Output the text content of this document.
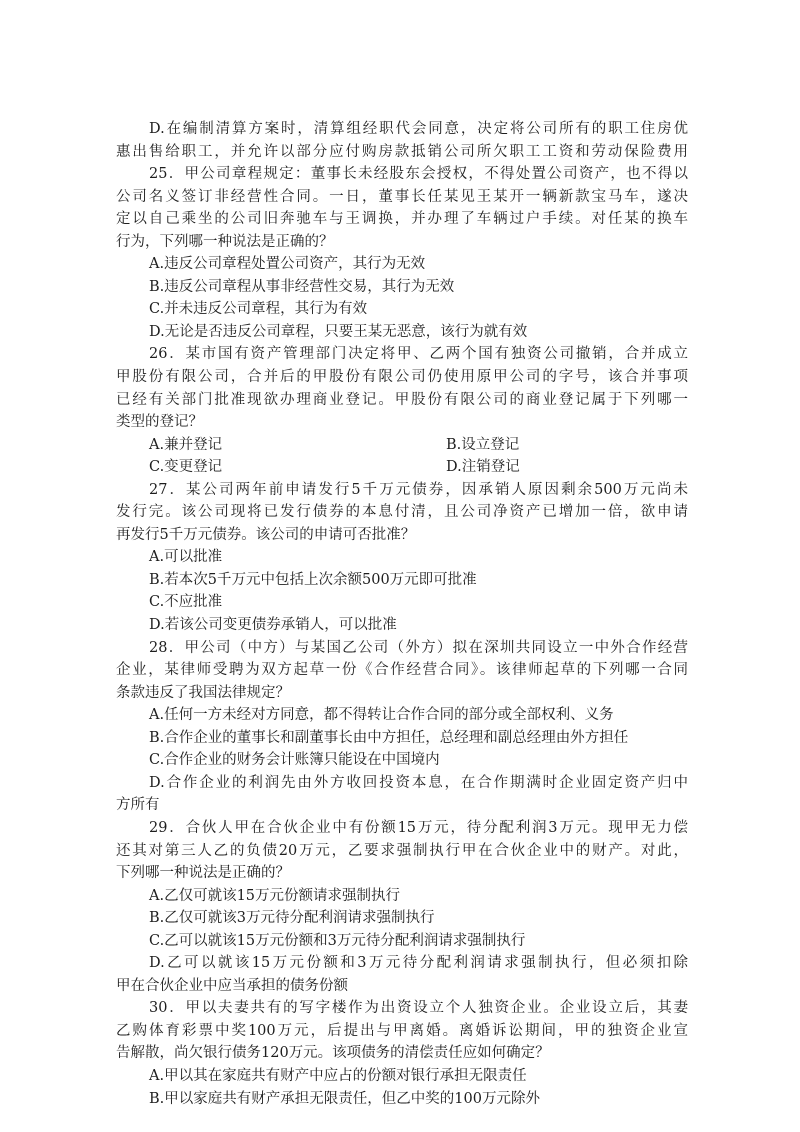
D.在编制清算方案时，清算组经职代会同意，决定将公司所有的职工住房优
惠出售给职工，并允许以部分应付购房款抵销公司所欠职工工资和劳动保险费用
25．甲公司章程规定：董事长未经股东会授权，不得处置公司资产，也不得以
公司名义签订非经营性合同。一日，董事长任某见王某开一辆新款宝马车，遂决
定以自己乘坐的公司旧奔驰车与王调换，并办理了车辆过户手续。对任某的换车
行为，下列哪一种说法是正确的？
A.违反公司章程处置公司资产，其行为无效
B.违反公司章程从事非经营性交易，其行为无效
C.并未违反公司章程，其行为有效
D.无论是否违反公司章程，只要王某无恶意，该行为就有效
26．某市国有资产管理部门决定将甲、乙两个国有独资公司撤销，合并成立
甲股份有限公司，合并后的甲股份有限公司仍使用原甲公司的字号，该合并事项
已经有关部门批准现欲办理商业登记。甲股份有限公司的商业登记属于下列哪一
类型的登记？
A.兼并登记	B.设立登记
C.变更登记	D.注销登记
27．某公司两年前申请发行5千万元债券，因承销人原因剩余500万元尚未
发行完。该公司现将已发行债券的本息付清，且公司净资产已增加一倍，欲申请
再发行5千万元债券。该公司的申请可否批准？
A.可以批准
B.若本次5千万元中包括上次余额500万元即可批准
C.不应批准
D.若该公司变更债券承销人，可以批准
28．甲公司（中方）与某国乙公司（外方）拟在深圳共同设立一中外合作经营
企业，某律师受聘为双方起草一份《合作经营合同》。该律师起草的下列哪一合同
条款违反了我国法律规定？
A.任何一方未经对方同意，都不得转让合作合同的部分或全部权利、义务
B.合作企业的董事长和副董事长由中方担任，总经理和副总经理由外方担任
C.合作企业的财务会计账簿只能设在中国境内
D.合作企业的利润先由外方收回投资本息，在合作期满时企业固定资产归中
方所有
29．合伙人甲在合伙企业中有份额15万元，待分配利润3万元。现甲无力偿
还其对第三人乙的负债20万元，乙要求强制执行甲在合伙企业中的财产。对此，
下列哪一种说法是正确的？
A.乙仅可就该15万元份额请求强制执行
B.乙仅可就该3万元待分配利润请求强制执行
C.乙可以就该15万元份额和3万元待分配利润请求强制执行
D.乙可以就该15万元份额和3万元待分配利润请求强制执行，但必须扣除
甲在合伙企业中应当承担的债务份额
30．甲以夫妻共有的写字楼作为出资设立个人独资企业。企业设立后，其妻
乙购体育彩票中奖100万元，后提出与甲离婚。离婚诉讼期间，甲的独资企业宣
告解散，尚欠银行债务120万元。该项债务的清偿责任应如何确定？
A.甲以其在家庭共有财产中应占的份额对银行承担无限责任
B.甲以家庭共有财产承担无限责任，但乙中奖的100万元除外
